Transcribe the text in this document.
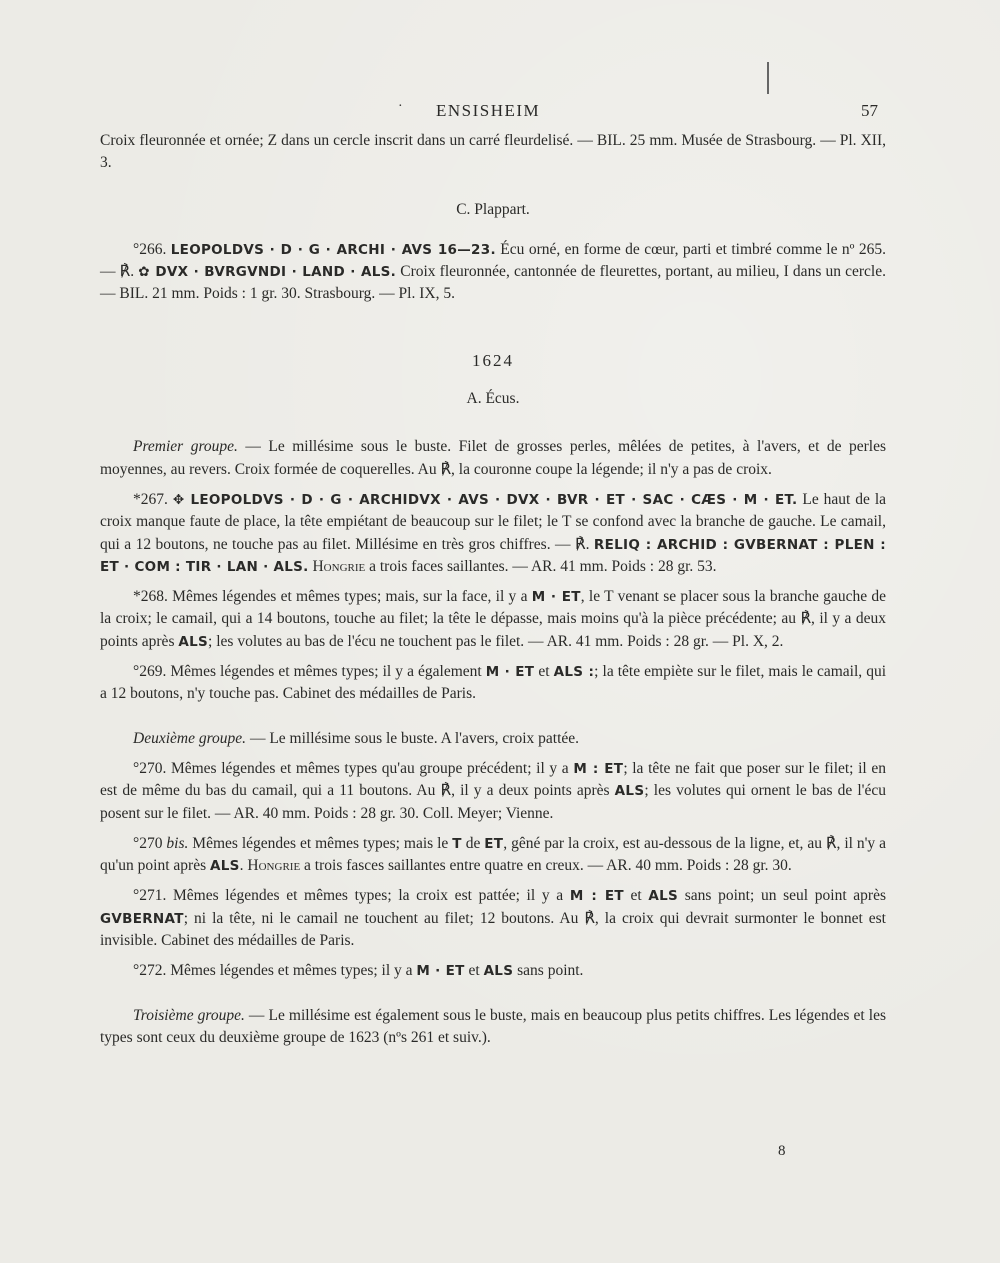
· ENSISHEIM	57

Croix fleuronnée et ornée; Z dans un cercle inscrit dans un carré fleurdelisé. — BIL. 25 mm. Musée de Strasbourg. — Pl. XII, 3.

C. Plappart.

°266. LEOPOLDVS · D · G · ARCHI · AVS 16—23. Écu orné, en forme de cœur, parti et timbré comme le nº 265. — ℟. ✿ DVX · BVRGVNDI · LAND · ALS. Croix fleuronnée, cantonnée de fleurettes, portant, au milieu, I dans un cercle. — BIL. 21 mm. Poids : 1 gr. 30. Strasbourg. — Pl. IX, 5.

1624

A. Écus.

Premier groupe. — Le millésime sous le buste. Filet de grosses perles, mêlées de petites, à l'avers, et de perles moyennes, au revers. Croix formée de coquerelles. Au ℟, la couronne coupe la légende; il n'y a pas de croix.

*267. ✥ LEOPOLDVS · D · G · ARCHIDVX · AVS · DVX · BVR · ET · SAC · CÆS · M · ET. Le haut de la croix manque faute de place, la tête empiétant de beaucoup sur le filet; le T se confond avec la branche de gauche. Le camail, qui a 12 boutons, ne touche pas au filet. Millésime en très gros chiffres. — ℟. RELIQ : ARCHID : GVBERNAT : PLEN : ET · COM : TIR · LAN · ALS. Hongrie a trois faces saillantes. — AR. 41 mm. Poids : 28 gr. 53.

*268. Mêmes légendes et mêmes types; mais, sur la face, il y a M · ET, le T venant se placer sous la branche gauche de la croix; le camail, qui a 14 boutons, touche au filet; la tête le dépasse, mais moins qu'à la pièce précédente; au ℟, il y a deux points après ALS; les volutes au bas de l'écu ne touchent pas le filet. — AR. 41 mm. Poids : 28 gr. — Pl. X, 2.

°269. Mêmes légendes et mêmes types; il y a également M · ET et ALS :; la tête empiète sur le filet, mais le camail, qui a 12 boutons, n'y touche pas. Cabinet des médailles de Paris.

Deuxième groupe. — Le millésime sous le buste. A l'avers, croix pattée.

°270. Mêmes légendes et mêmes types qu'au groupe précédent; il y a M : ET; la tête ne fait que poser sur le filet; il en est de même du bas du camail, qui a 11 boutons. Au ℟, il y a deux points après ALS; les volutes qui ornent le bas de l'écu posent sur le filet. — AR. 40 mm. Poids : 28 gr. 30. Coll. Meyer; Vienne.

°270 bis. Mêmes légendes et mêmes types; mais le T de ET, gêné par la croix, est au-dessous de la ligne, et, au ℟, il n'y a qu'un point après ALS. Hongrie a trois fasces saillantes entre quatre en creux. — AR. 40 mm. Poids : 28 gr. 30.

°271. Mêmes légendes et mêmes types; la croix est pattée; il y a M : ET et ALS sans point; un seul point après GVBERNAT; ni la tête, ni le camail ne touchent au filet; 12 boutons. Au ℟, la croix qui devrait surmonter le bonnet est invisible. Cabinet des médailles de Paris.

°272. Mêmes légendes et mêmes types; il y a M · ET et ALS sans point.

Troisième groupe. — Le millésime est également sous le buste, mais en beaucoup plus petits chiffres. Les légendes et les types sont ceux du deuxième groupe de 1623 (nºs 261 et suiv.).

8
